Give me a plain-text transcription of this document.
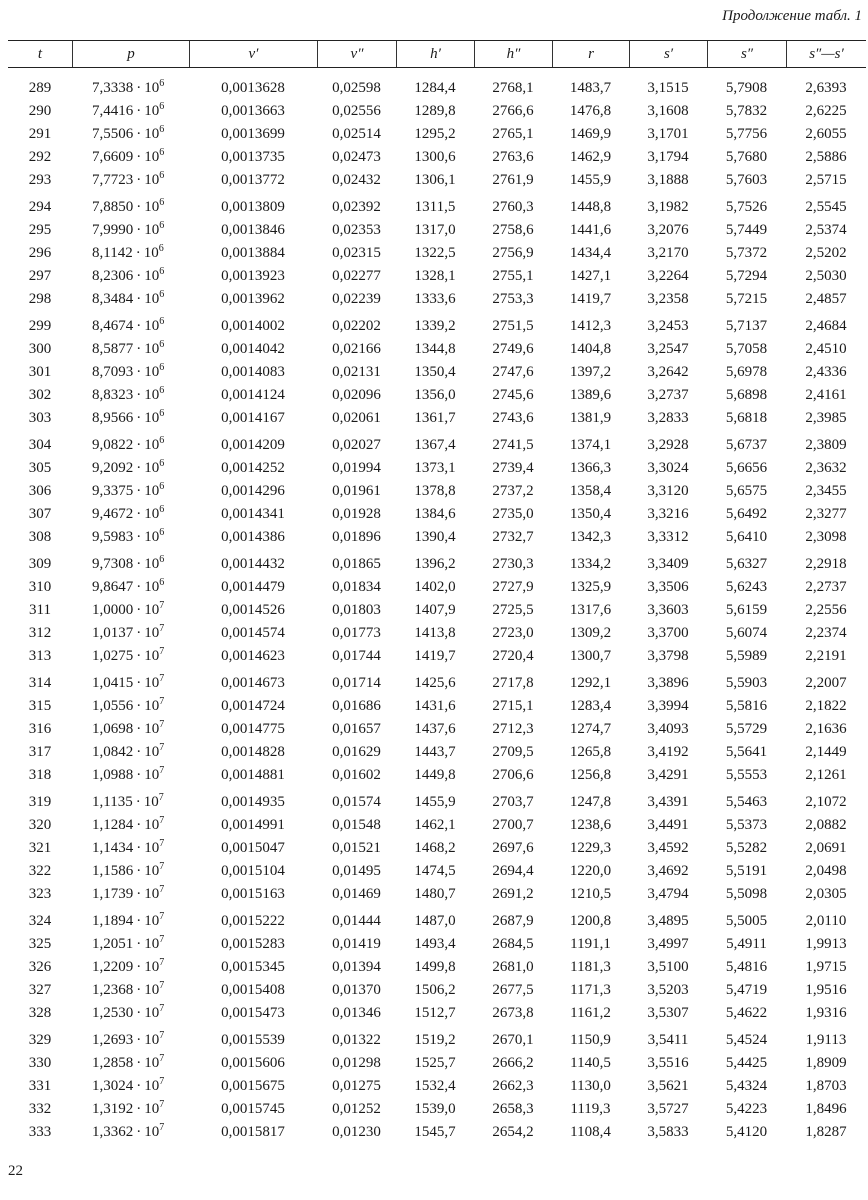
Продолжение табл. 1
t	p	v′	v″	h′	h″	r	s′	s″	s″—s′
289	$7,3338 \cdot 10^6$	0,0013628	0,02598	1284,4	2768,1	1483,7	3,1515	5,7908	2,6393
290	$7,4416 \cdot 10^6$	0,0013663	0,02556	1289,8	2766,6	1476,8	3,1608	5,7832	2,6225
291	$7,5506 \cdot 10^6$	0,0013699	0,02514	1295,2	2765,1	1469,9	3,1701	5,7756	2,6055
292	$7,6609 \cdot 10^6$	0,0013735	0,02473	1300,6	2763,6	1462,9	3,1794	5,7680	2,5886
293	$7,7723 \cdot 10^6$	0,0013772	0,02432	1306,1	2761,9	1455,9	3,1888	5,7603	2,5715
294	$7,8850 \cdot 10^6$	0,0013809	0,02392	1311,5	2760,3	1448,8	3,1982	5,7526	2,5545
295	$7,9990 \cdot 10^6$	0,0013846	0,02353	1317,0	2758,6	1441,6	3,2076	5,7449	2,5374
296	$8,1142 \cdot 10^6$	0,0013884	0,02315	1322,5	2756,9	1434,4	3,2170	5,7372	2,5202
297	$8,2306 \cdot 10^6$	0,0013923	0,02277	1328,1	2755,1	1427,1	3,2264	5,7294	2,5030
298	$8,3484 \cdot 10^6$	0,0013962	0,02239	1333,6	2753,3	1419,7	3,2358	5,7215	2,4857
299	$8,4674 \cdot 10^6$	0,0014002	0,02202	1339,2	2751,5	1412,3	3,2453	5,7137	2,4684
300	$8,5877 \cdot 10^6$	0,0014042	0,02166	1344,8	2749,6	1404,8	3,2547	5,7058	2,4510
301	$8,7093 \cdot 10^6$	0,0014083	0,02131	1350,4	2747,6	1397,2	3,2642	5,6978	2,4336
302	$8,8323 \cdot 10^6$	0,0014124	0,02096	1356,0	2745,6	1389,6	3,2737	5,6898	2,4161
303	$8,9566 \cdot 10^6$	0,0014167	0,02061	1361,7	2743,6	1381,9	3,2833	5,6818	2,3985
304	$9,0822 \cdot 10^6$	0,0014209	0,02027	1367,4	2741,5	1374,1	3,2928	5,6737	2,3809
305	$9,2092 \cdot 10^6$	0,0014252	0,01994	1373,1	2739,4	1366,3	3,3024	5,6656	2,3632
306	$9,3375 \cdot 10^6$	0,0014296	0,01961	1378,8	2737,2	1358,4	3,3120	5,6575	2,3455
307	$9,4672 \cdot 10^6$	0,0014341	0,01928	1384,6	2735,0	1350,4	3,3216	5,6492	2,3277
308	$9,5983 \cdot 10^6$	0,0014386	0,01896	1390,4	2732,7	1342,3	3,3312	5,6410	2,3098
309	$9,7308 \cdot 10^6$	0,0014432	0,01865	1396,2	2730,3	1334,2	3,3409	5,6327	2,2918
310	$9,8647 \cdot 10^6$	0,0014479	0,01834	1402,0	2727,9	1325,9	3,3506	5,6243	2,2737
311	$1,0000 \cdot 10^7$	0,0014526	0,01803	1407,9	2725,5	1317,6	3,3603	5,6159	2,2556
312	$1,0137 \cdot 10^7$	0,0014574	0,01773	1413,8	2723,0	1309,2	3,3700	5,6074	2,2374
313	$1,0275 \cdot 10^7$	0,0014623	0,01744	1419,7	2720,4	1300,7	3,3798	5,5989	2,2191
314	$1,0415 \cdot 10^7$	0,0014673	0,01714	1425,6	2717,8	1292,1	3,3896	5,5903	2,2007
315	$1,0556 \cdot 10^7$	0,0014724	0,01686	1431,6	2715,1	1283,4	3,3994	5,5816	2,1822
316	$1,0698 \cdot 10^7$	0,0014775	0,01657	1437,6	2712,3	1274,7	3,4093	5,5729	2,1636
317	$1,0842 \cdot 10^7$	0,0014828	0,01629	1443,7	2709,5	1265,8	3,4192	5,5641	2,1449
318	$1,0988 \cdot 10^7$	0,0014881	0,01602	1449,8	2706,6	1256,8	3,4291	5,5553	2,1261
319	$1,1135 \cdot 10^7$	0,0014935	0,01574	1455,9	2703,7	1247,8	3,4391	5,5463	2,1072
320	$1,1284 \cdot 10^7$	0,0014991	0,01548	1462,1	2700,7	1238,6	3,4491	5,5373	2,0882
321	$1,1434 \cdot 10^7$	0,0015047	0,01521	1468,2	2697,6	1229,3	3,4592	5,5282	2,0691
322	$1,1586 \cdot 10^7$	0,0015104	0,01495	1474,5	2694,4	1220,0	3,4692	5,5191	2,0498
323	$1,1739 \cdot 10^7$	0,0015163	0,01469	1480,7	2691,2	1210,5	3,4794	5,5098	2,0305
324	$1,1894 \cdot 10^7$	0,0015222	0,01444	1487,0	2687,9	1200,8	3,4895	5,5005	2,0110
325	$1,2051 \cdot 10^7$	0,0015283	0,01419	1493,4	2684,5	1191,1	3,4997	5,4911	1,9913
326	$1,2209 \cdot 10^7$	0,0015345	0,01394	1499,8	2681,0	1181,3	3,5100	5,4816	1,9715
327	$1,2368 \cdot 10^7$	0,0015408	0,01370	1506,2	2677,5	1171,3	3,5203	5,4719	1,9516
328	$1,2530 \cdot 10^7$	0,0015473	0,01346	1512,7	2673,8	1161,2	3,5307	5,4622	1,9316
329	$1,2693 \cdot 10^7$	0,0015539	0,01322	1519,2	2670,1	1150,9	3,5411	5,4524	1,9113
330	$1,2858 \cdot 10^7$	0,0015606	0,01298	1525,7	2666,2	1140,5	3,5516	5,4425	1,8909
331	$1,3024 \cdot 10^7$	0,0015675	0,01275	1532,4	2662,3	1130,0	3,5621	5,4324	1,8703
332	$1,3192 \cdot 10^7$	0,0015745	0,01252	1539,0	2658,3	1119,3	3,5727	5,4223	1,8496
333	$1,3362 \cdot 10^7$	0,0015817	0,01230	1545,7	2654,2	1108,4	3,5833	5,4120	1,8287
22
